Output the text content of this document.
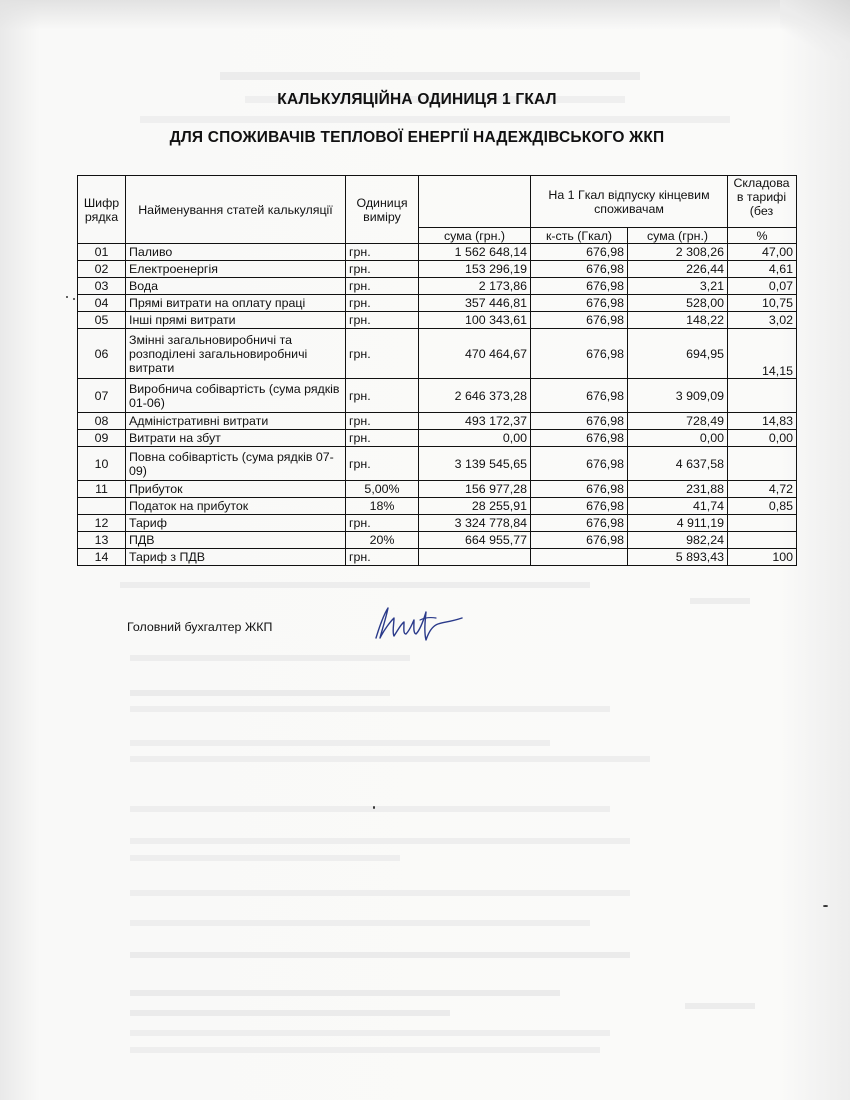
КАЛЬКУЛЯЦІЙНА ОДИНИЦЯ 1 ГКАЛ
ДЛЯ СПОЖИВАЧІВ ТЕПЛОВОЇ ЕНЕРГІЇ НАДЕЖДІВСЬКОГО ЖКП
Шифр рядка	Найменування статей калькуляції	Одиниця виміру		На 1 Гкал відпуску кінцевим споживачам		Складова в тарифі (без
			сума (грн.)	к-сть (Гкал)	сума (грн.)	%
01	Паливо	грн.	1 562 648,14	676,98	2 308,26	47,00
02	Електроенергія	грн.	153 296,19	676,98	226,44	4,61
03	Вода	грн.	2 173,86	676,98	3,21	0,07
04	Прямі витрати на оплату праці	грн.	357 446,81	676,98	528,00	10,75
05	Інші прямі витрати	грн.	100 343,61	676,98	148,22	3,02
06	Змінні загальновиробничі та розподілені загальновиробничі витрати	грн.	470 464,67	676,98	694,95	14,15
07	Виробнича собівартість (сума рядків 01-06)	грн.	2 646 373,28	676,98	3 909,09	
08	Адміністративні витрати	грн.	493 172,37	676,98	728,49	14,83
09	Витрати на збут	грн.	0,00	676,98	0,00	0,00
10	Повна собівартість (сума рядків 07-09)	грн.	3 139 545,65	676,98	4 637,58	
11	Прибуток	5,00%	156 977,28	676,98	231,88	4,72
	Податок на прибуток	18%	28 255,91	676,98	41,74	0,85
12	Тариф	грн.	3 324 778,84	676,98	4 911,19	
13	ПДВ	20%	664 955,77	676,98	982,24	
14	Тариф з ПДВ	грн.			5 893,43	100
Головний бухгалтер ЖКП
